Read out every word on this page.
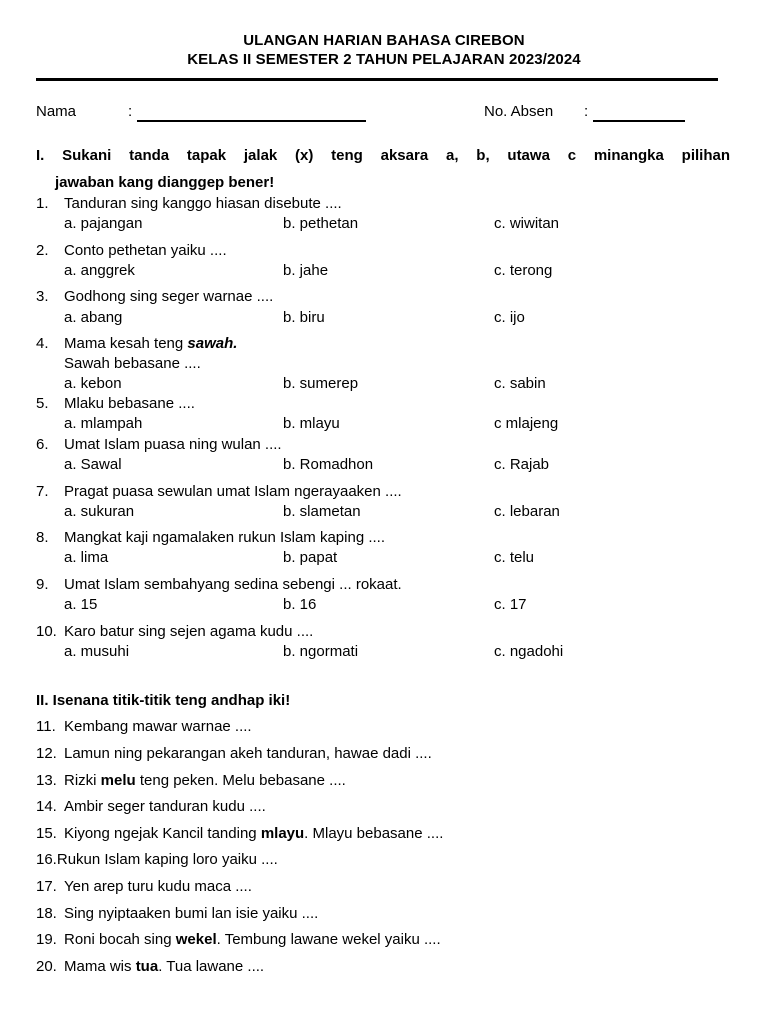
ULANGAN HARIAN BAHASA CIREBON
KELAS II SEMESTER 2 TAHUN PELAJARAN 2023/2024
Nama	:	No. Absen :
I. Sukani tanda tapak jalak (x) teng aksara a, b, utawa c minangka pilihan
jawaban kang dianggep bener!
1. Tanduran sing kanggo hiasan disebute ....
a. pajangan	b. pethetan	c. wiwitan
2. Conto pethetan yaiku ....
a. anggrek	b. jahe	c. terong
3. Godhong sing seger warnae ....
a. abang	b. biru	c. ijo
4. Mama kesah teng sawah.
Sawah bebasane ....
a. kebon	b. sumerep	c. sabin
5. Mlaku bebasane ....
a. mlampah	b. mlayu	c mlajeng
6. Umat Islam puasa ning wulan ....
a. Sawal	b. Romadhon	c. Rajab
7. Pragat puasa sewulan umat Islam ngerayaaken ....
a. sukuran	b. slametan	c. lebaran
8. Mangkat kaji ngamalaken rukun Islam kaping ....
a. lima	b. papat	c. telu
9. Umat Islam sembahyang sedina sebengi ... rokaat.
a. 15	b. 16	c. 17
10. Karo batur sing sejen agama kudu ....
a. musuhi	b. ngormati	c. ngadohi
II. Isenana titik-titik teng andhap iki!
11. Kembang mawar warnae ....
12. Lamun ning pekarangan akeh tanduran, hawae dadi ....
13. Rizki melu teng peken. Melu bebasane ....
14. Ambir seger tanduran kudu ....
15. Kiyong ngejak Kancil tanding mlayu. Mlayu bebasane ....
16.Rukun Islam kaping loro yaiku ....
17. Yen arep turu kudu maca ....
18. Sing nyiptaaken bumi lan isie yaiku ....
19. Roni bocah sing wekel. Tembung lawane wekel yaiku ....
20. Mama wis tua. Tua lawane ....
